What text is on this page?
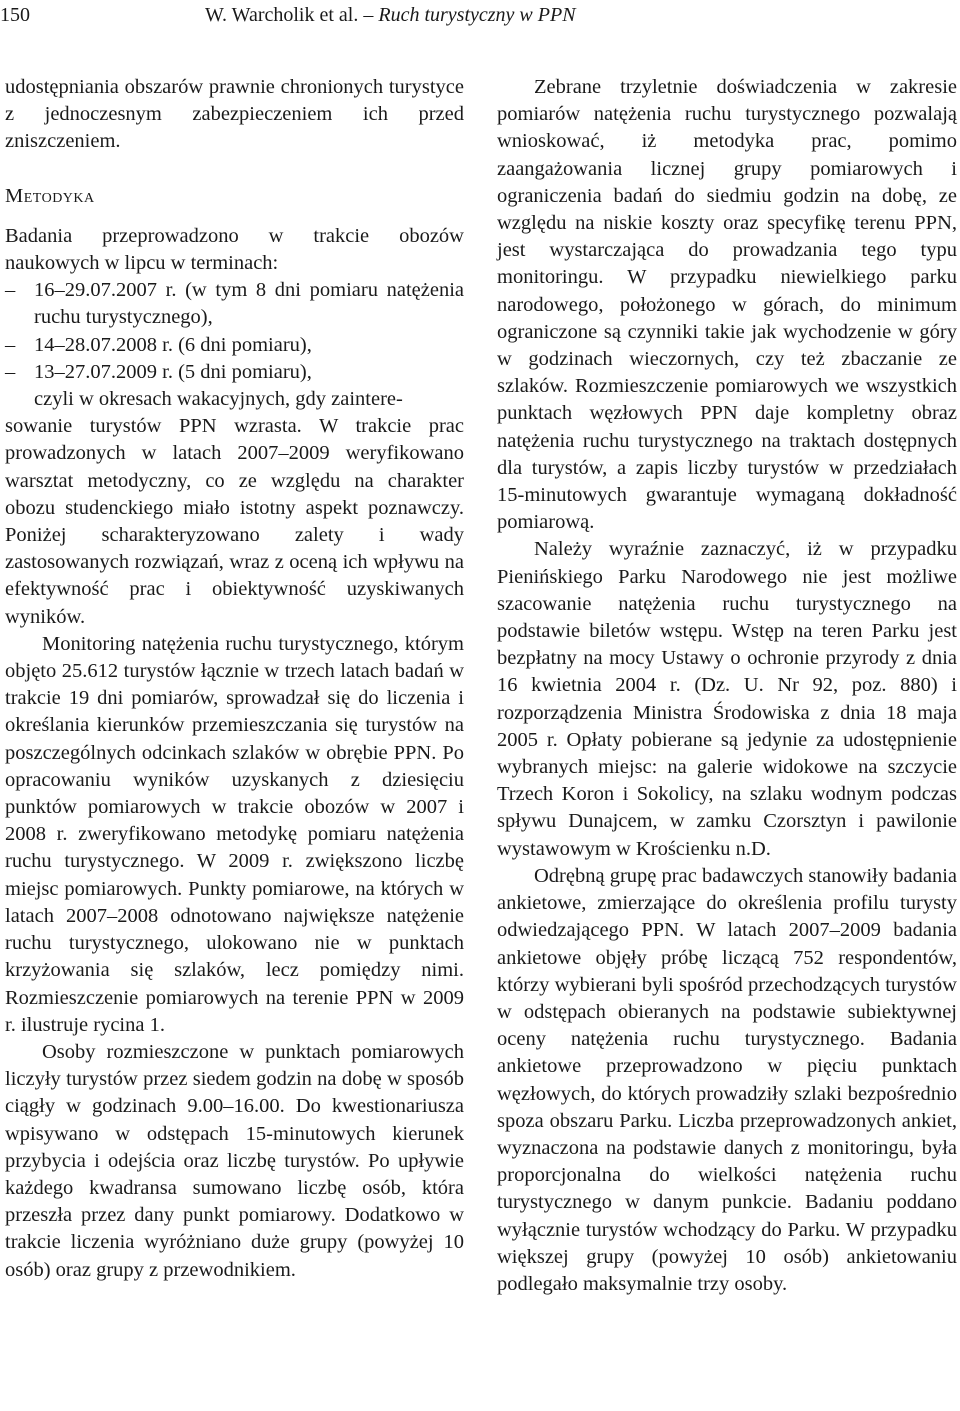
150	W. Warcholik et al. – Ruch turystyczny w PPN

udostępniania obszarów prawnie chronionych turystyce z jednoczesnym zabezpieczeniem ich przed zniszczeniem.

Metodyka

Badania przeprowadzono w trakcie obozów naukowych w lipcu w terminach:

– 16–29.07.2007 r. (w tym 8 dni pomiaru natężenia ruchu turystycznego),
– 14–28.07.2008 r. (6 dni pomiaru),
– 13–27.07.2009 r. (5 dni pomiaru),

czyli w okresach wakacyjnych, gdy zaintere-

sowanie turystów PPN wzrasta. W trakcie prac prowadzonych w latach 2007–2009 weryfikowano warsztat metodyczny, co ze względu na charakter obozu studenckiego miało istotny aspekt poznawczy. Poniżej scharakteryzowano zalety i wady zastosowanych rozwiązań, wraz z oceną ich wpływu na efektywność prac i obiektywność uzyskiwanych wyników.

Monitoring natężenia ruchu turystycznego, którym objęto 25.612 turystów łącznie w trzech latach badań w trakcie 19 dni pomiarów, sprowadzał się do liczenia i określania kierunków przemieszczania się turystów na poszczególnych odcinkach szlaków w obrębie PPN. Po opracowaniu wyników uzyskanych z dziesięciu punktów pomiarowych w trakcie obozów w 2007 i 2008 r. zweryfikowano metodykę pomiaru natężenia ruchu turystycznego. W 2009 r. zwiększono liczbę miejsc pomiarowych. Punkty pomiarowe, na których w latach 2007–2008 odnotowano największe natężenie ruchu turystycznego, ulokowano nie w punktach krzyżowania się szlaków, lecz pomiędzy nimi. Rozmieszczenie pomiarowych na terenie PPN w 2009 r. ilustruje rycina 1.

Osoby rozmieszczone w punktach pomiarowych liczyły turystów przez siedem godzin na dobę w sposób ciągły w godzinach 9.00–16.00. Do kwestionariusza wpisywano w odstępach 15-minutowych kierunek przybycia i odejścia oraz liczbę turystów. Po upływie każdego kwadransa sumowano liczbę osób, która przeszła przez dany punkt pomiarowy. Dodatkowo w trakcie liczenia wyróżniano duże grupy (powyżej 10 osób) oraz grupy z przewodnikiem.

Zebrane trzyletnie doświadczenia w zakresie pomiarów natężenia ruchu turystycznego pozwalają wnioskować, iż metodyka prac, pomimo zaangażowania licznej grupy pomiarowych i ograniczenia badań do siedmiu godzin na dobę, ze względu na niskie koszty oraz specyfikę terenu PPN, jest wystarczająca do prowadzania tego typu monitoringu. W przypadku niewielkiego parku narodowego, położonego w górach, do minimum ograniczone są czynniki takie jak wychodzenie w góry w godzinach wieczornych, czy też zbaczanie ze szlaków. Rozmieszczenie pomiarowych we wszystkich punktach węzłowych PPN daje kompletny obraz natężenia ruchu turystycznego na traktach dostępnych dla turystów, a zapis liczby turystów w przedziałach 15-minutowych gwarantuje wymaganą dokładność pomiarową.

Należy wyraźnie zaznaczyć, iż w przypadku Pienińskiego Parku Narodowego nie jest możliwe szacowanie natężenia ruchu turystycznego na podstawie biletów wstępu. Wstęp na teren Parku jest bezpłatny na mocy Ustawy o ochronie przyrody z dnia 16 kwietnia 2004 r. (Dz. U. Nr 92, poz. 880) i rozporządzenia Ministra Środowiska z dnia 18 maja 2005 r. Opłaty pobierane są jedynie za udostępnienie wybranych miejsc: na galerie widokowe na szczycie Trzech Koron i Sokolicy, na szlaku wodnym podczas spływu Dunajcem, w zamku Czorsztyn i pawilonie wystawowym w Krościenku n.D.

Odrębną grupę prac badawczych stanowiły badania ankietowe, zmierzające do określenia profilu turysty odwiedzającego PPN. W latach 2007–2009 badania ankietowe objęły próbę liczącą 752 respondentów, którzy wybierani byli spośród przechodzących turystów w odstępach obieranych na podstawie subiektywnej oceny natężenia ruchu turystycznego. Badania ankietowe przeprowadzono w pięciu punktach węzłowych, do których prowadziły szlaki bezpośrednio spoza obszaru Parku. Liczba przeprowadzonych ankiet, wyznaczona na podstawie danych z monitoringu, była proporcjonalna do wielkości natężenia ruchu turystycznego w danym punkcie. Badaniu poddano wyłącznie turystów wchodzący do Parku. W przypadku większej grupy (powyżej 10 osób) ankietowaniu podlegało maksymalnie trzy osoby.
